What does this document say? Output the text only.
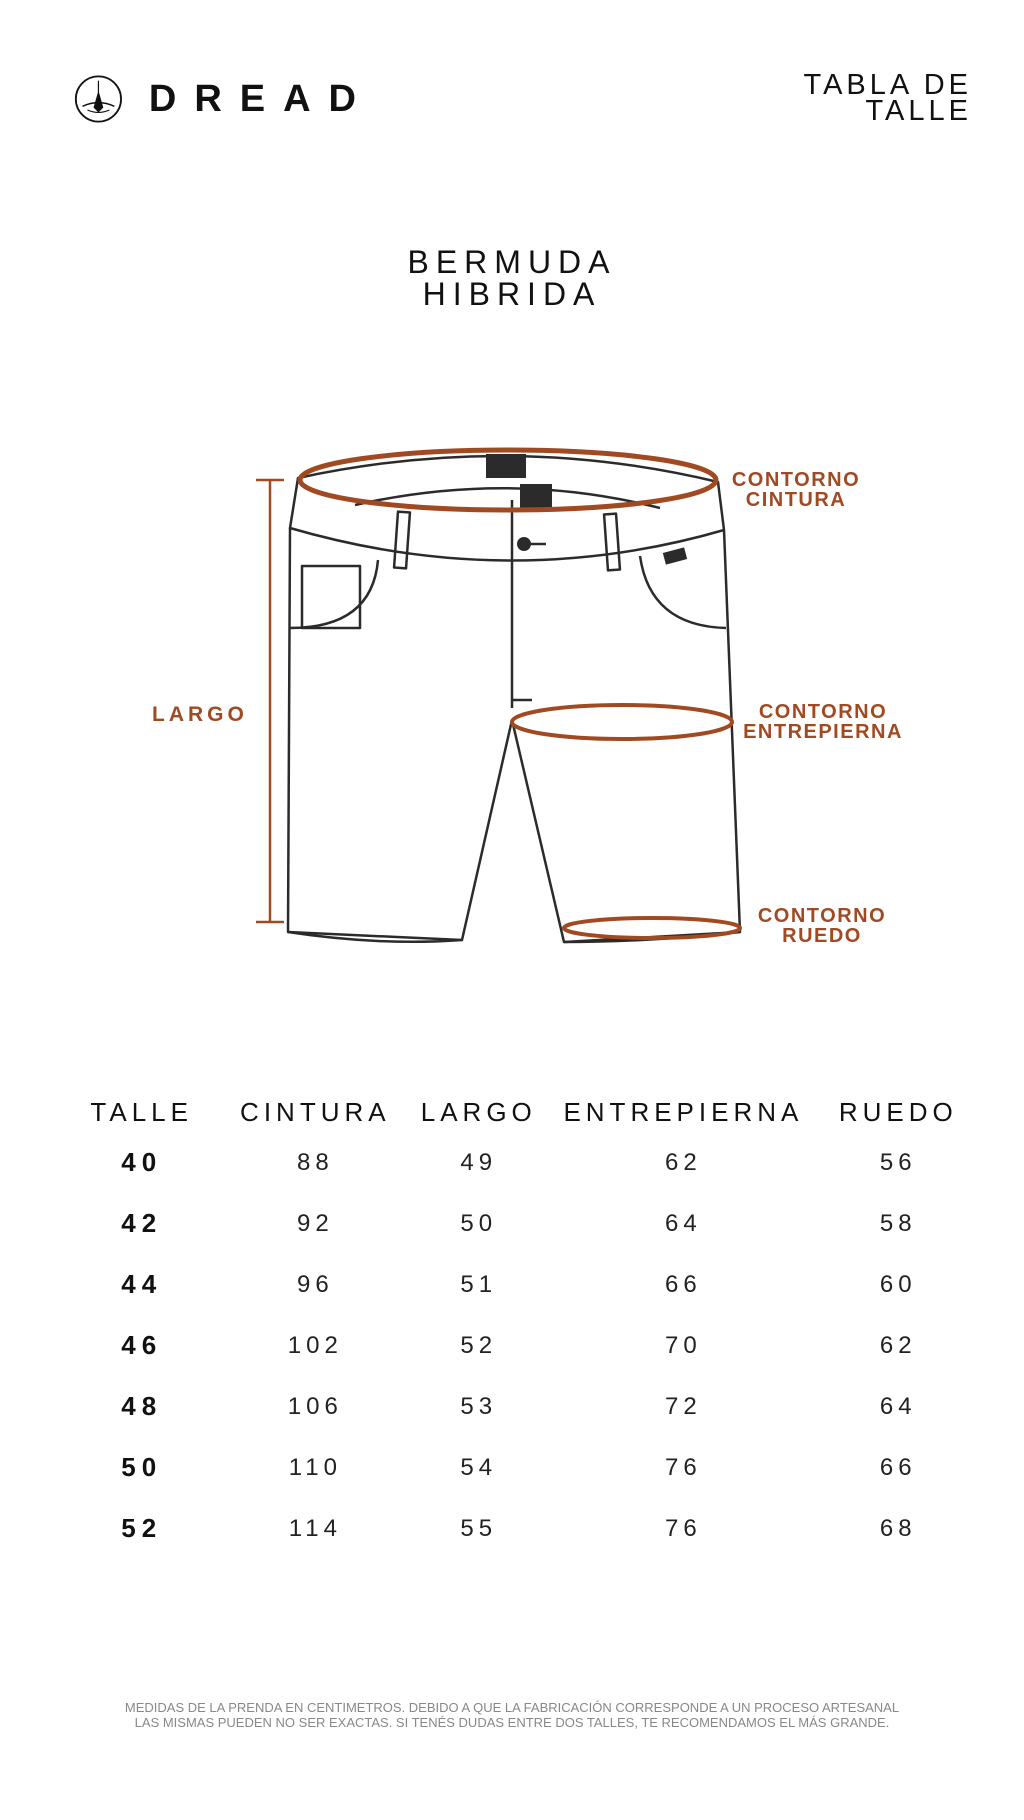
DREAD	TABLA DE
TALLE
BERMUDA
HIBRIDA
LARGO
CONTORNO
CINTURA
CONTORNO
ENTREPIERNA
CONTORNO
RUEDO
TALLE	CINTURA	LARGO	ENTREPIERNA	RUEDO
40	88	49	62	56
42	92	50	64	58
44	96	51	66	60
46	102	52	70	62
48	106	53	72	64
50	110	54	76	66
52	114	55	76	68
MEDIDAS DE LA PRENDA EN CENTIMETROS. DEBIDO A QUE LA FABRICACIÓN CORRESPONDE A UN PROCESO ARTESANAL
LAS MISMAS PUEDEN NO SER EXACTAS. SI TENÉS DUDAS ENTRE DOS TALLES, TE RECOMENDAMOS EL MÁS GRANDE.
